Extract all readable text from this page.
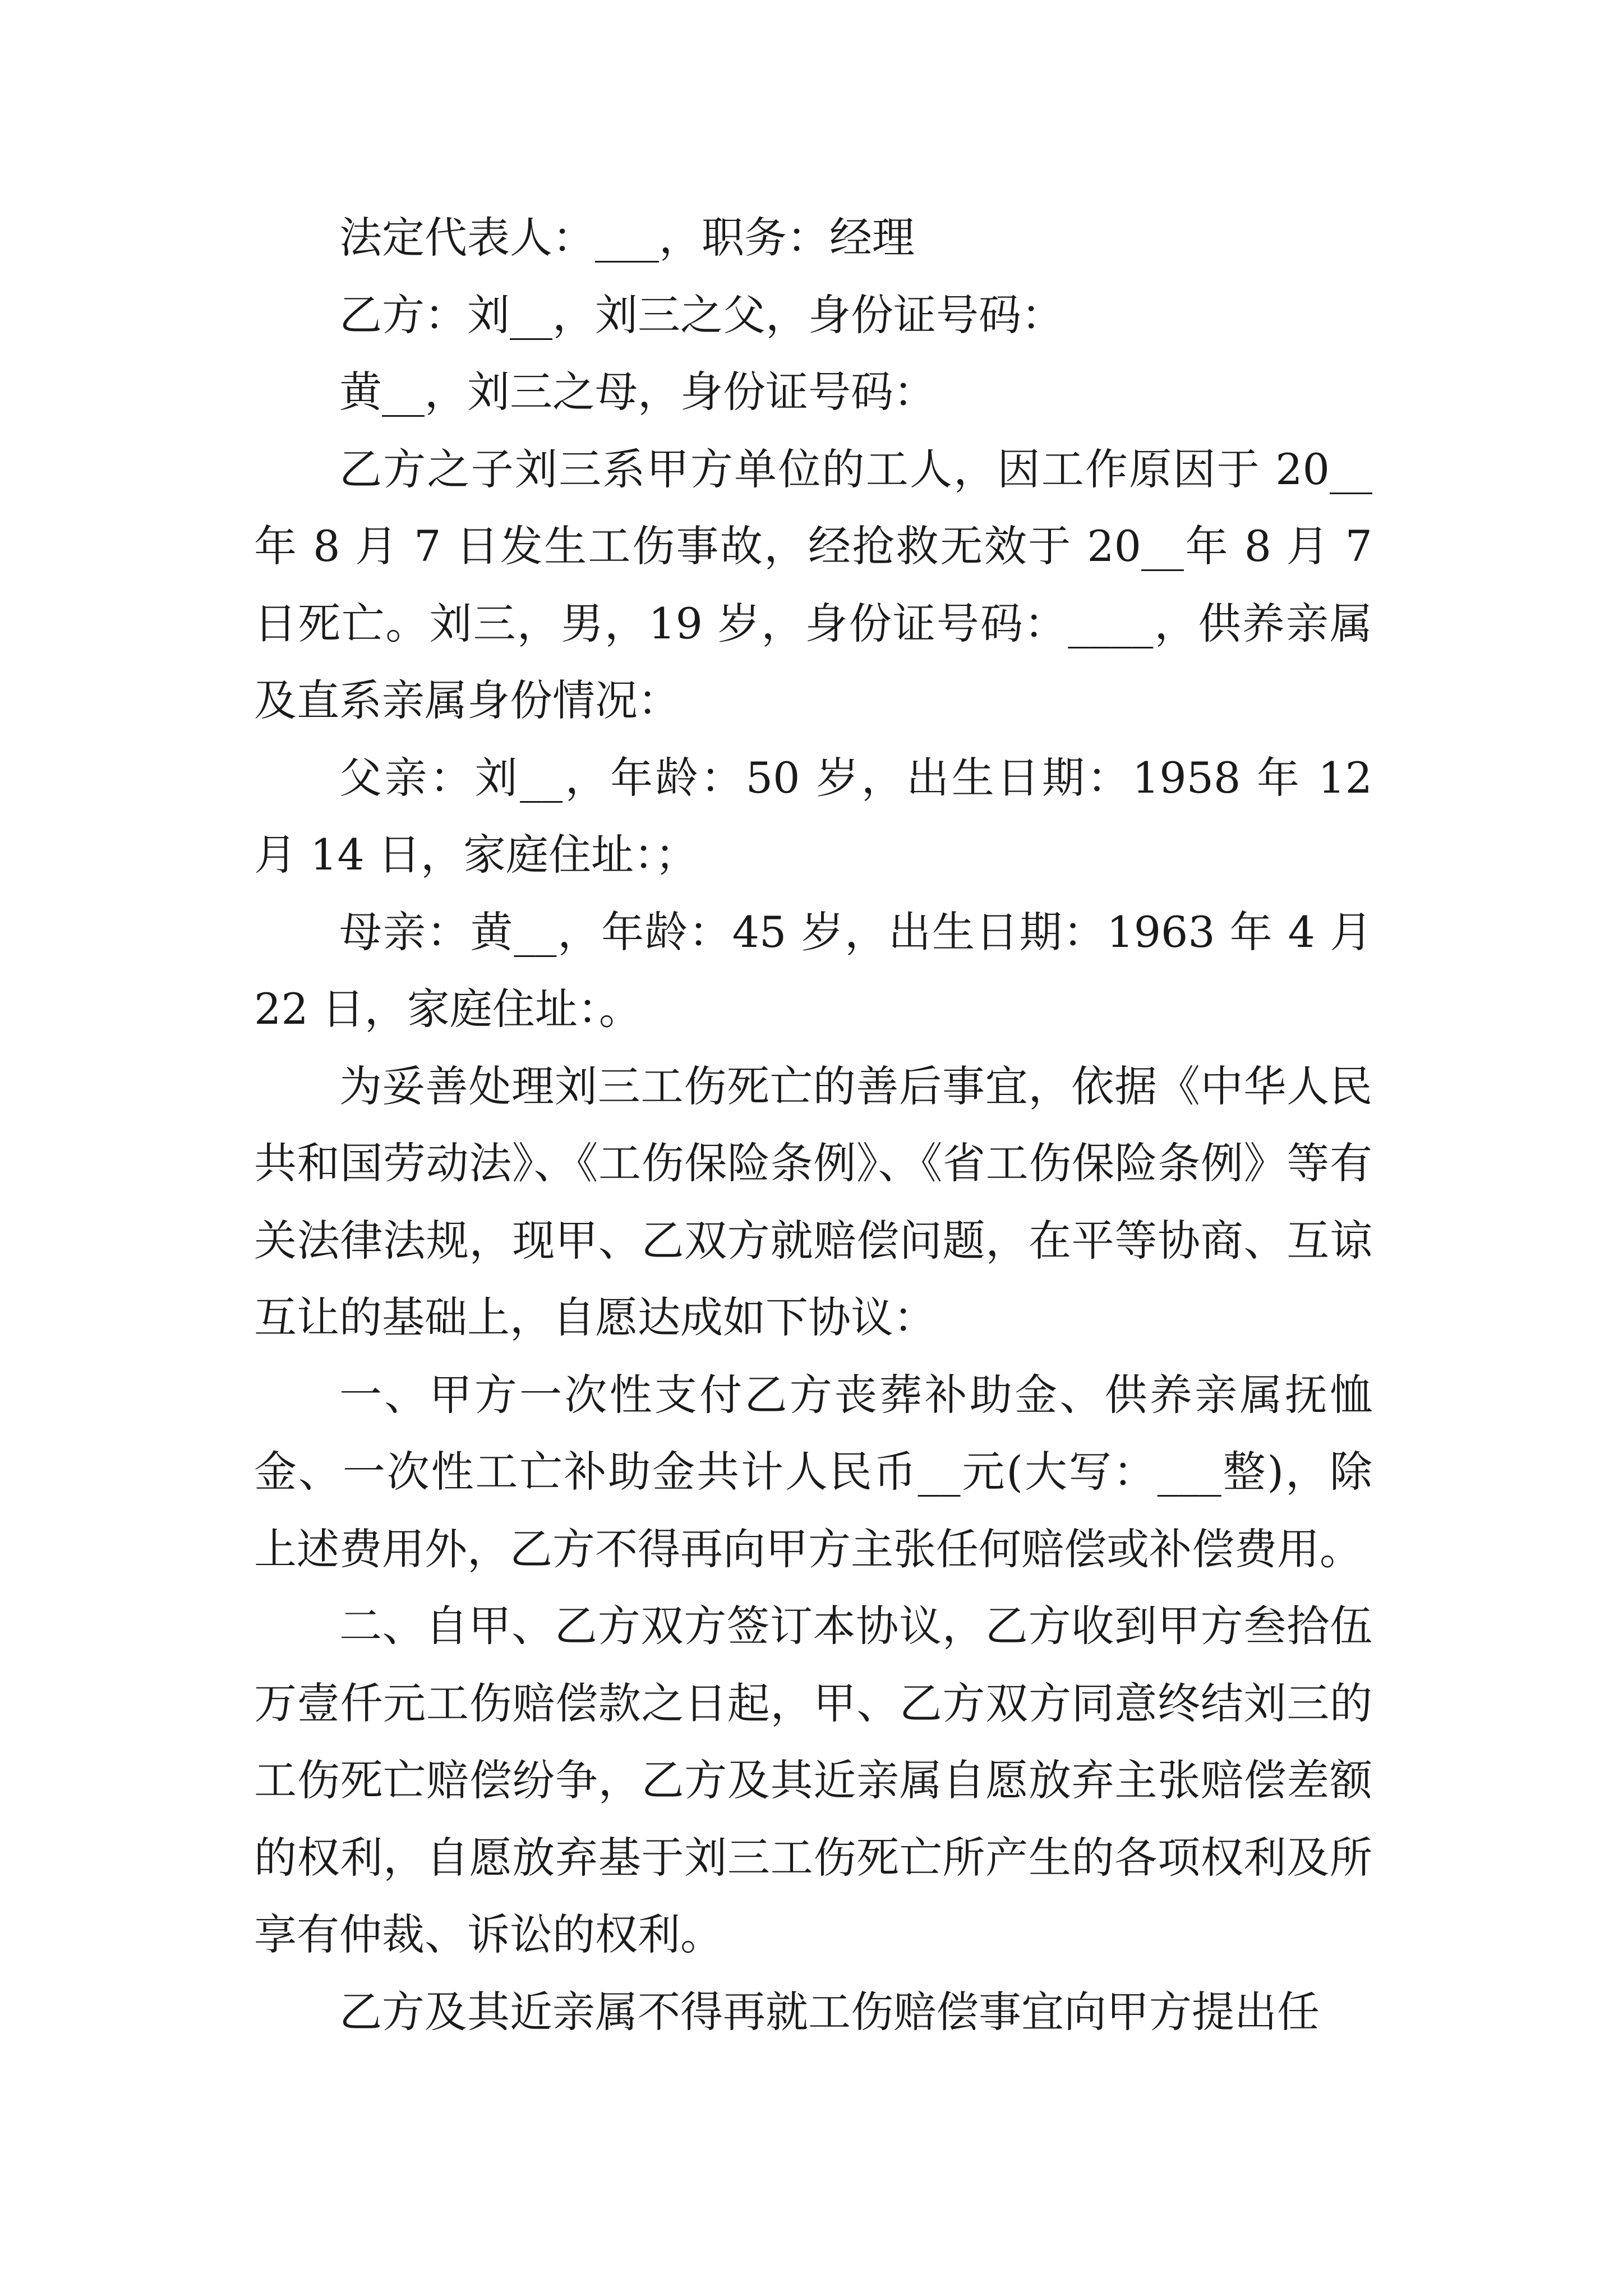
法定代表人：___，职务：经理

乙方：刘__，刘三之父，身份证号码：

黄__，刘三之母，身份证号码：

乙方之子刘三系甲方单位的工人，因工作原因于 20__年 8 月 7 日发生工伤事故，经抢救无效于 20__年 8 月 7 日死亡。刘三，男，19 岁，身份证号码：____，供养亲属及直系亲属身份情况：

父亲：刘__，年龄：50 岁，出生日期：1958 年 12 月 14 日，家庭住址：；

母亲：黄__，年龄：45 岁，出生日期：1963 年 4 月 22 日，家庭住址：。

为妥善处理刘三工伤死亡的善后事宜，依据《中华人民共和国劳动法》、《工伤保险条例》、《省工伤保险条例》等有关法律法规，现甲、乙双方就赔偿问题，在平等协商、互谅互让的基础上，自愿达成如下协议：

一、甲方一次性支付乙方丧葬补助金、供养亲属抚恤金、一次性工亡补助金共计人民币__元(大写：___整)，除上述费用外，乙方不得再向甲方主张任何赔偿或补偿费用。

二、自甲、乙方双方签订本协议，乙方收到甲方叁拾伍万壹仟元工伤赔偿款之日起，甲、乙方双方同意终结刘三的工伤死亡赔偿纷争，乙方及其近亲属自愿放弃主张赔偿差额的权利，自愿放弃基于刘三工伤死亡所产生的各项权利及所享有仲裁、诉讼的权利。

乙方及其近亲属不得再就工伤赔偿事宜向甲方提出任
